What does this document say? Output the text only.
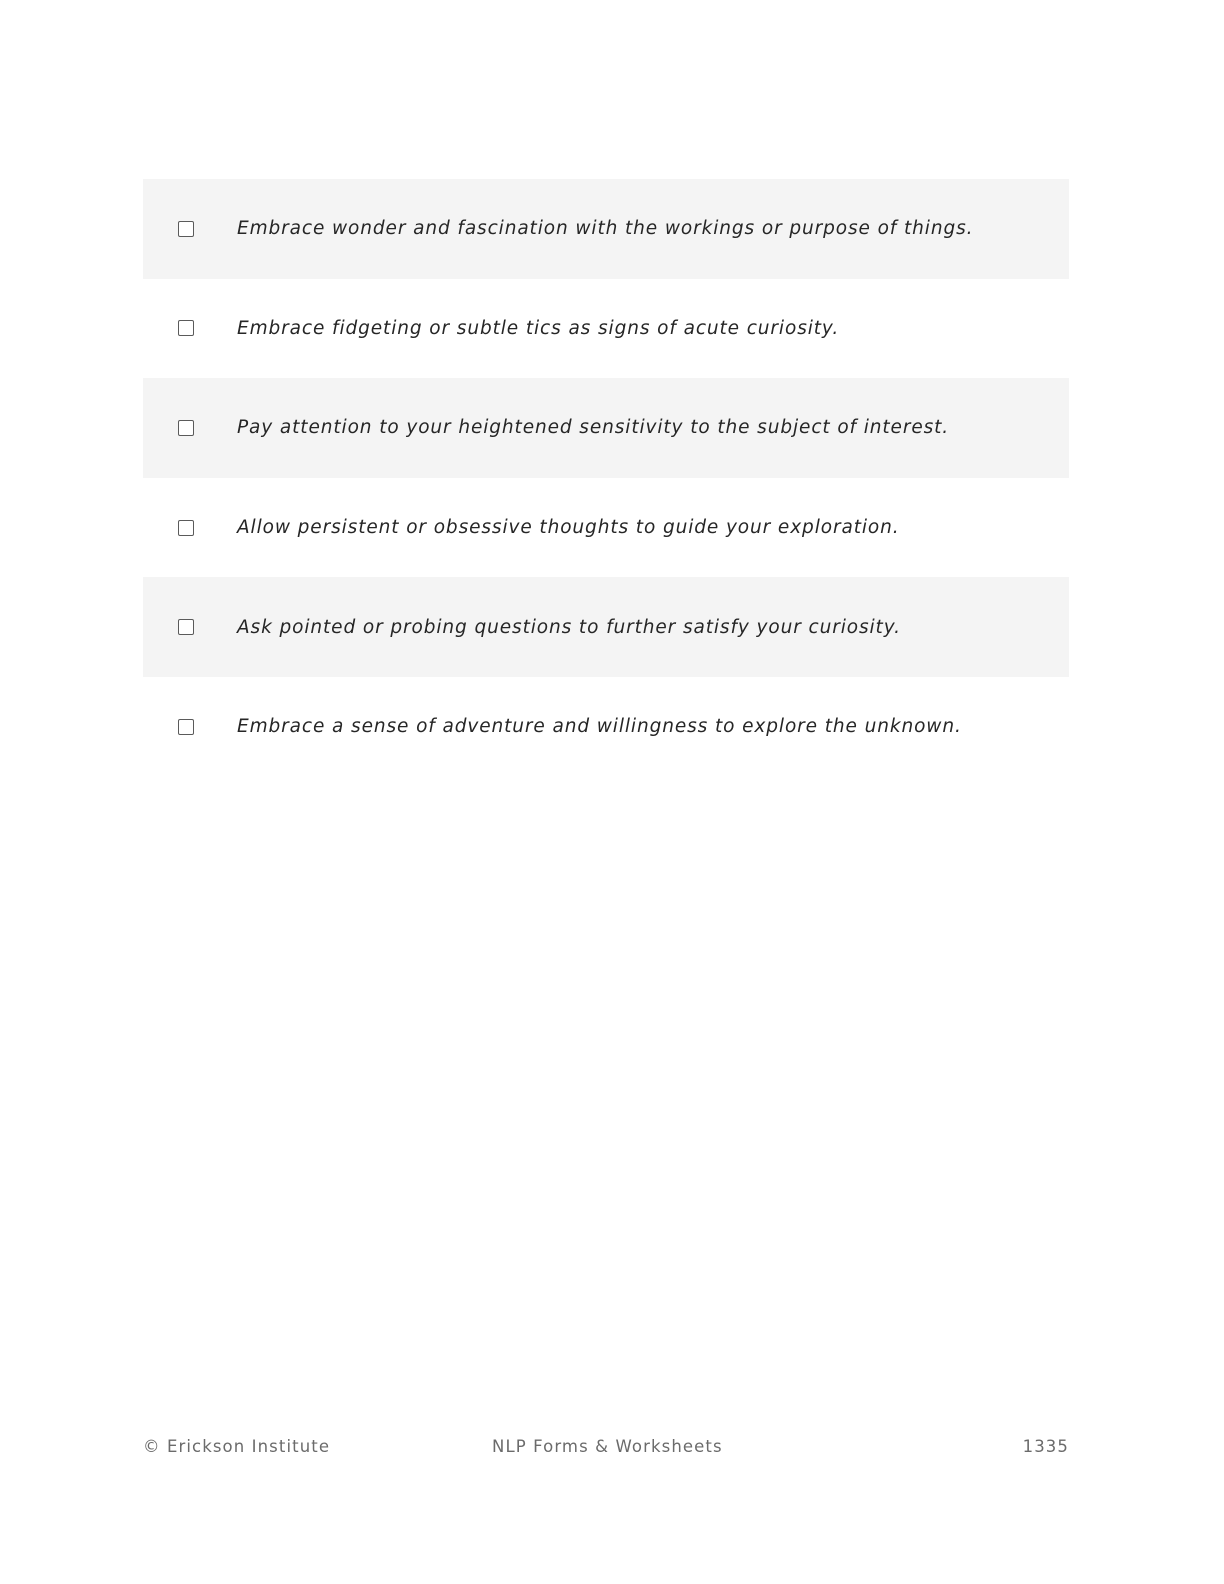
Embrace wonder and fascination with the workings or purpose of things.
Embrace fidgeting or subtle tics as signs of acute curiosity.
Pay attention to your heightened sensitivity to the subject of interest.
Allow persistent or obsessive thoughts to guide your exploration.
Ask pointed or probing questions to further satisfy your curiosity.
Embrace a sense of adventure and willingness to explore the unknown.
© Erickson Institute	NLP Forms & Worksheets	1335
